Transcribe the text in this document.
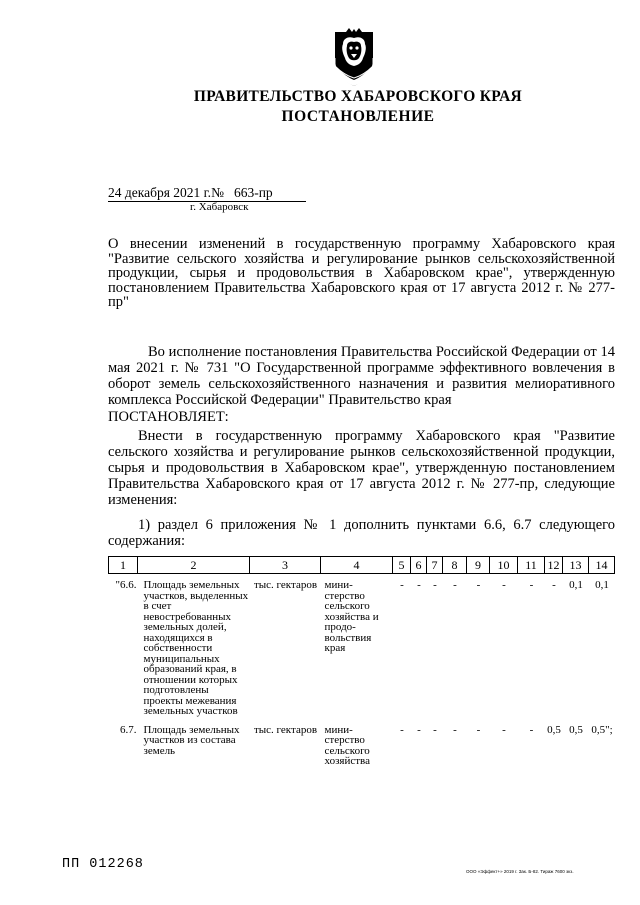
ПРАВИТЕЛЬСТВО ХАБАРОВСКОГО КРАЯ
ПОСТАНОВЛЕНИЕ
24 декабря 2021 г.№ 663-пр
г. Хабаровск
О внесении изменений в государственную программу Хабаровского края "Развитие сельского хозяйства и регулирование рынков сельскохозяйственной продукции, сырья и продовольствия в Хабаровском крае", утвержденную постановлением Правительства Хабаровского края от 17 августа 2012 г. № 277-пр"
Во исполнение постановления Правительства Российской Федерации от 14 мая 2021 г. № 731 "О Государственной программе эффективного вовлечения в оборот земель сельскохозяйственного назначения и развития мелиоративного комплекса Российской Федерации" Правительство края
ПОСТАНОВЛЯЕТ:
Внести в государственную программу Хабаровского края "Развитие сельского хозяйства и регулирование рынков сельскохозяйственной продукции, сырья и продовольствия в Хабаровском крае", утвержденную постановлением Правительства Хабаровского края от 17 августа 2012 г. № 277-пр, следующие изменения:
1) раздел 6 приложения № 1 дополнить пунктами 6.6, 6.7 следующего содержания:
1	2	3	4	5	6	7	8	9	10	11	12	13	14
"6.6.	Площадь земельных участков, выделенных в счет невостребованных земельных долей, находящихся в собственности муниципальных образований края, в отношении которых подготовлены проекты межевания земельных участков	тыс. гектаров	мини- стерство сельского хозяйства и продо- вольствия края	-	-	-	-	-	-	-	-	0,1	0,1
6.7.	Площадь земельных участков из состава земель	тыс. гектаров	мини- стерство сельского хозяйства	-	-	-	-	-	-	-	0,5	0,5	0,5";
ПП 012268	ООО «Эффект+» 2019 г. Зак. Б-82. Тираж 7600 экз.
